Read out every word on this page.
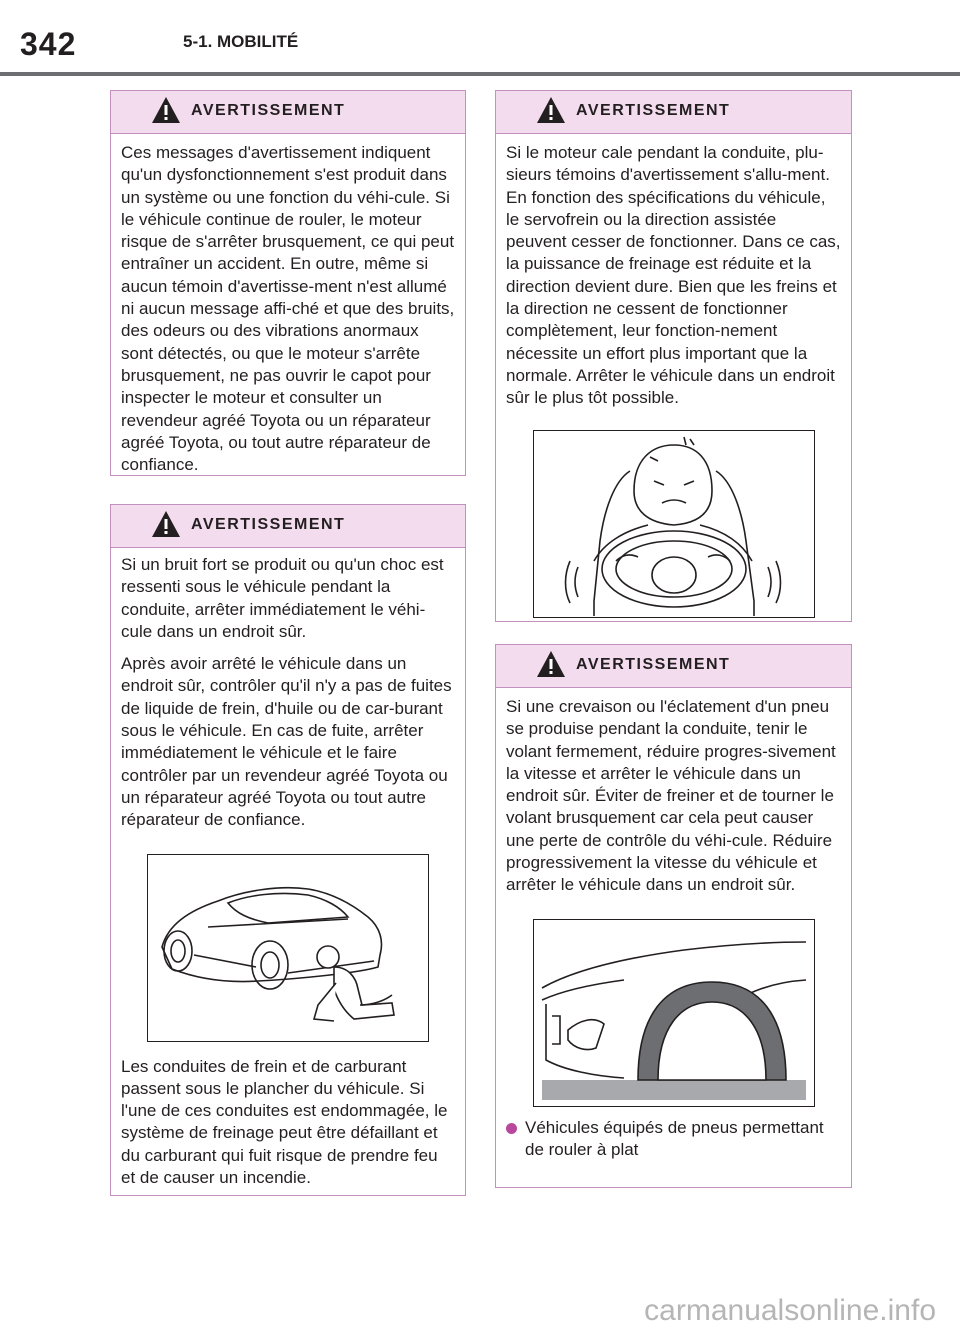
342	5-1. MOBILITÉ
AVERTISSEMENT

Ces messages d'avertissement indiquent qu'un dysfonctionnement s'est produit dans un système ou une fonction du véhi-cule. Si le véhicule continue de rouler, le moteur risque de s'arrêter brusquement, ce qui peut entraîner un accident. En outre, même si aucun témoin d'avertisse-ment n'est allumé ni aucun message affi-ché et que des bruits, des odeurs ou des vibrations anormaux sont détectés, ou que le moteur s'arrête brusquement, ne pas ouvrir le capot pour inspecter le moteur et consulter un revendeur agréé Toyota ou un réparateur agréé Toyota, ou tout autre réparateur de confiance.

AVERTISSEMENT

Si un bruit fort se produit ou qu'un choc est ressenti sous le véhicule pendant la conduite, arrêter immédiatement le véhi-cule dans un endroit sûr.

Après avoir arrêté le véhicule dans un endroit sûr, contrôler qu'il n'y a pas de fuites de liquide de frein, d'huile ou de car-burant sous le véhicule. En cas de fuite, arrêter immédiatement le véhicule et le faire contrôler par un revendeur agréé Toyota ou un réparateur agréé Toyota ou tout autre réparateur de confiance.

Les conduites de frein et de carburant passent sous le plancher du véhicule. Si l'une de ces conduites est endommagée, le système de freinage peut être défaillant et du carburant qui fuit risque de prendre feu et de causer un incendie.

AVERTISSEMENT

Si le moteur cale pendant la conduite, plu-sieurs témoins d'avertissement s'allu-ment. En fonction des spécifications du véhicule, le servofrein ou la direction assistée peuvent cesser de fonctionner. Dans ce cas, la puissance de freinage est réduite et la direction devient dure. Bien que les freins et la direction ne cessent de fonctionner complètement, leur fonction-nement nécessite un effort plus important que la normale. Arrêter le véhicule dans un endroit sûr le plus tôt possible.

AVERTISSEMENT

Si une crevaison ou l'éclatement d'un pneu se produise pendant la conduite, tenir le volant fermement, réduire progres-sivement la vitesse et arrêter le véhicule dans un endroit sûr. Éviter de freiner et de tourner le volant brusquement car cela peut causer une perte de contrôle du véhi-cule. Réduire progressivement la vitesse du véhicule et arrêter le véhicule dans un endroit sûr.

Véhicules équipés de pneus permettant de rouler à plat
carmanualsonline.info
